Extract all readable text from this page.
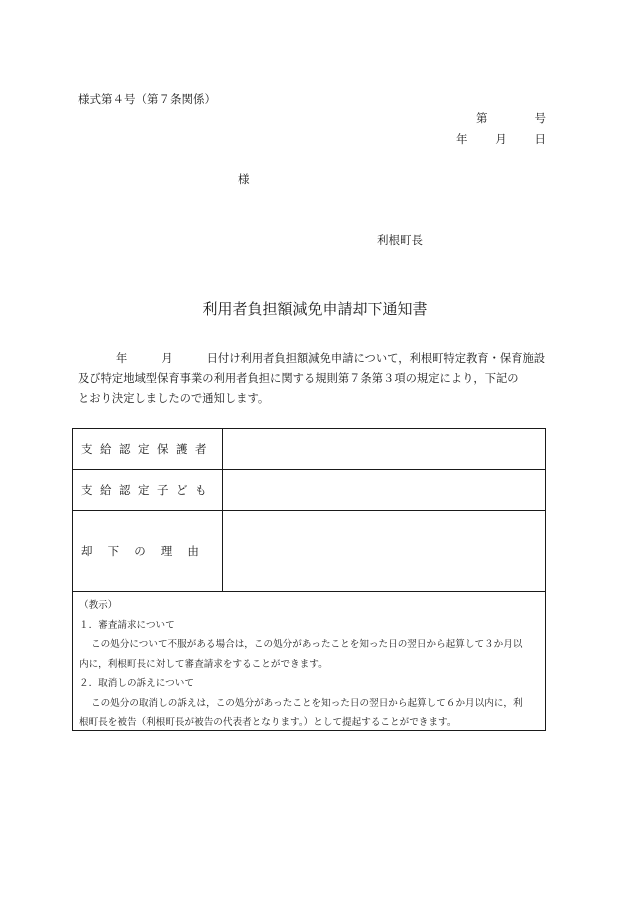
様式第４号（第７条関係）
第	号
年 月 日
様
利根町長
利用者負担額減免申請却下通知書
年	月	日付け利用者負担額減免申請について，利根町特定教育・保育施設
及び特定地域型保育事業の利用者負担に関する規則第７条第３項の規定により，下記の
とおり決定しましたので通知します。
支 給 認 定 保 護 者
支 給 認 定 子 ど も
却	下	の	理	由
（教示）
１．審査請求について
この処分について不服がある場合は，この処分があったことを知った日の翌日から起算して３か月以
内に，利根町長に対して審査請求をすることができます。
２．取消しの訴えについて
この処分の取消しの訴えは，この処分があったことを知った日の翌日から起算して６か月以内に，利
根町長を被告（利根町長が被告の代表者となります。）として提起することができます。
